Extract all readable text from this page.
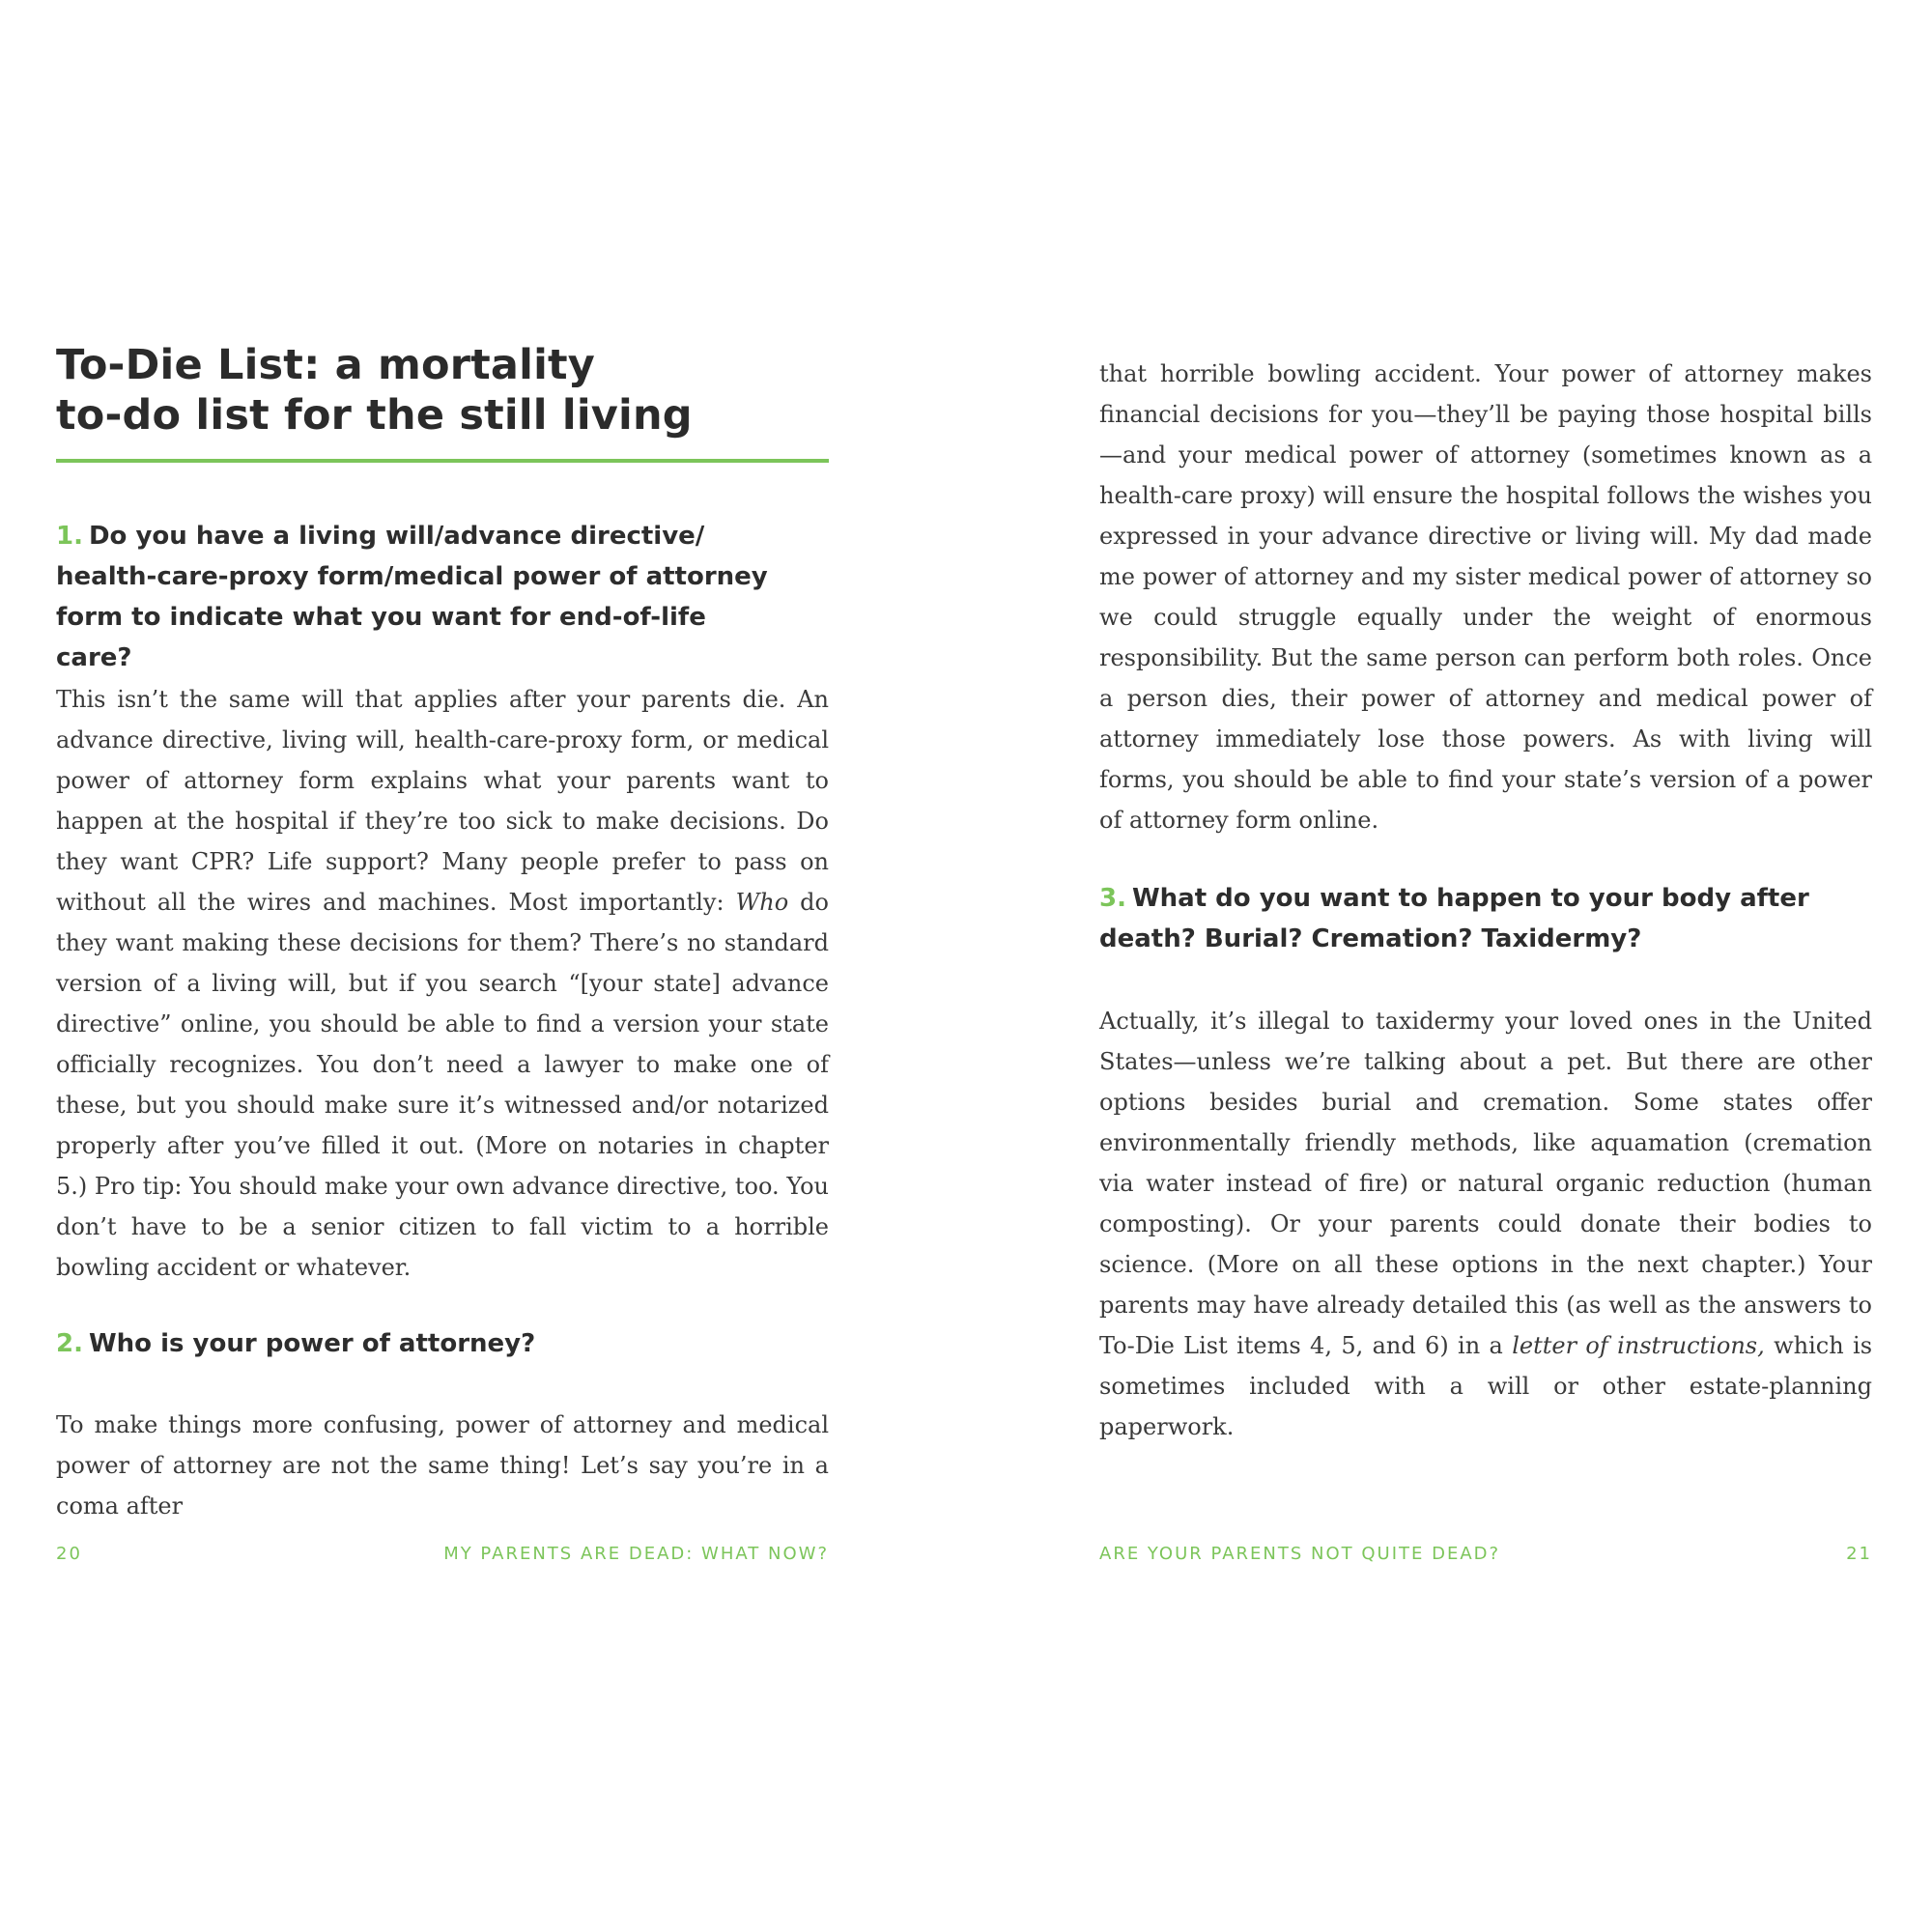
To-Die List: a mortality
to-do list for the still living

1. Do you have a living will/advance directive/ health-care-proxy form/medical power of attorney form to indicate what you want for end-of-life care?

This isn’t the same will that applies after your parents die. An advance directive, living will, health-care-proxy form, or medical power of attorney form explains what your parents want to happen at the hospital if they’re too sick to make decisions. Do they want CPR? Life support? Many people prefer to pass on without all the wires and machines. Most importantly: Who do they want making these decisions for them? There’s no standard version of a living will, but if you search “[your state] advance directive” online, you should be able to find a version your state officially recognizes. You don’t need a lawyer to make one of these, but you should make sure it’s witnessed and/or notarized properly after you’ve filled it out. (More on notaries in chapter 5.) Pro tip: You should make your own advance directive, too. You don’t have to be a senior citizen to fall victim to a horrible bowling accident or whatever.

2. Who is your power of attorney?

To make things more confusing, power of attorney and medical power of attorney are not the same thing! Let’s say you’re in a coma after

20	MY PARENTS ARE DEAD: WHAT NOW?

that horrible bowling accident. Your power of attorney makes financial decisions for you—they’ll be paying those hospital bills—and your medical power of attorney (sometimes known as a health-care proxy) will ensure the hospital follows the wishes you expressed in your advance directive or living will. My dad made me power of attorney and my sister medical power of attorney so we could struggle equally under the weight of enormous responsibility. But the same person can perform both roles. Once a person dies, their power of attorney and medical power of attorney immediately lose those powers. As with living will forms, you should be able to find your state’s version of a power of attorney form online.

3. What do you want to happen to your body after death? Burial? Cremation? Taxidermy?

Actually, it’s illegal to taxidermy your loved ones in the United States—unless we’re talking about a pet. But there are other options besides burial and cremation. Some states offer environmentally friendly methods, like aquamation (cremation via water instead of fire) or natural organic reduction (human composting). Or your parents could donate their bodies to science. (More on all these options in the next chapter.) Your parents may have already detailed this (as well as the answers to To-Die List items 4, 5, and 6) in a letter of instructions, which is sometimes included with a will or other estate-planning paperwork.

ARE YOUR PARENTS NOT QUITE DEAD?	21
